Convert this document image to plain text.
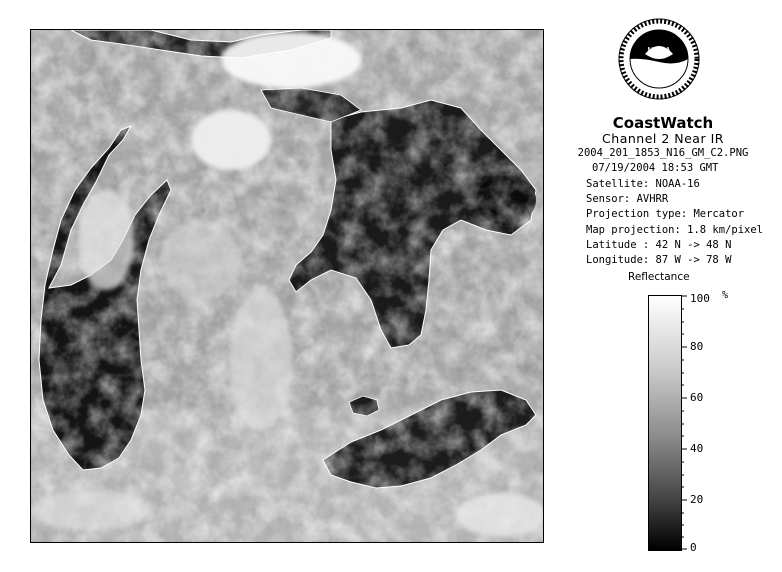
NOAA
CoastWatch
Channel 2 Near IR
2004_201_1853_N16_GM_C2.PNG
07/19/2004 18:53 GMT
Satellite: NOAA-16
Sensor: AVHRR
Projection type: Mercator
Map projection: 1.8 km/pixel
Latitude : 42 N -> 48 N
Longitude: 87 W -> 78 W
Reflectance
100
80
60
40
20
0
%
